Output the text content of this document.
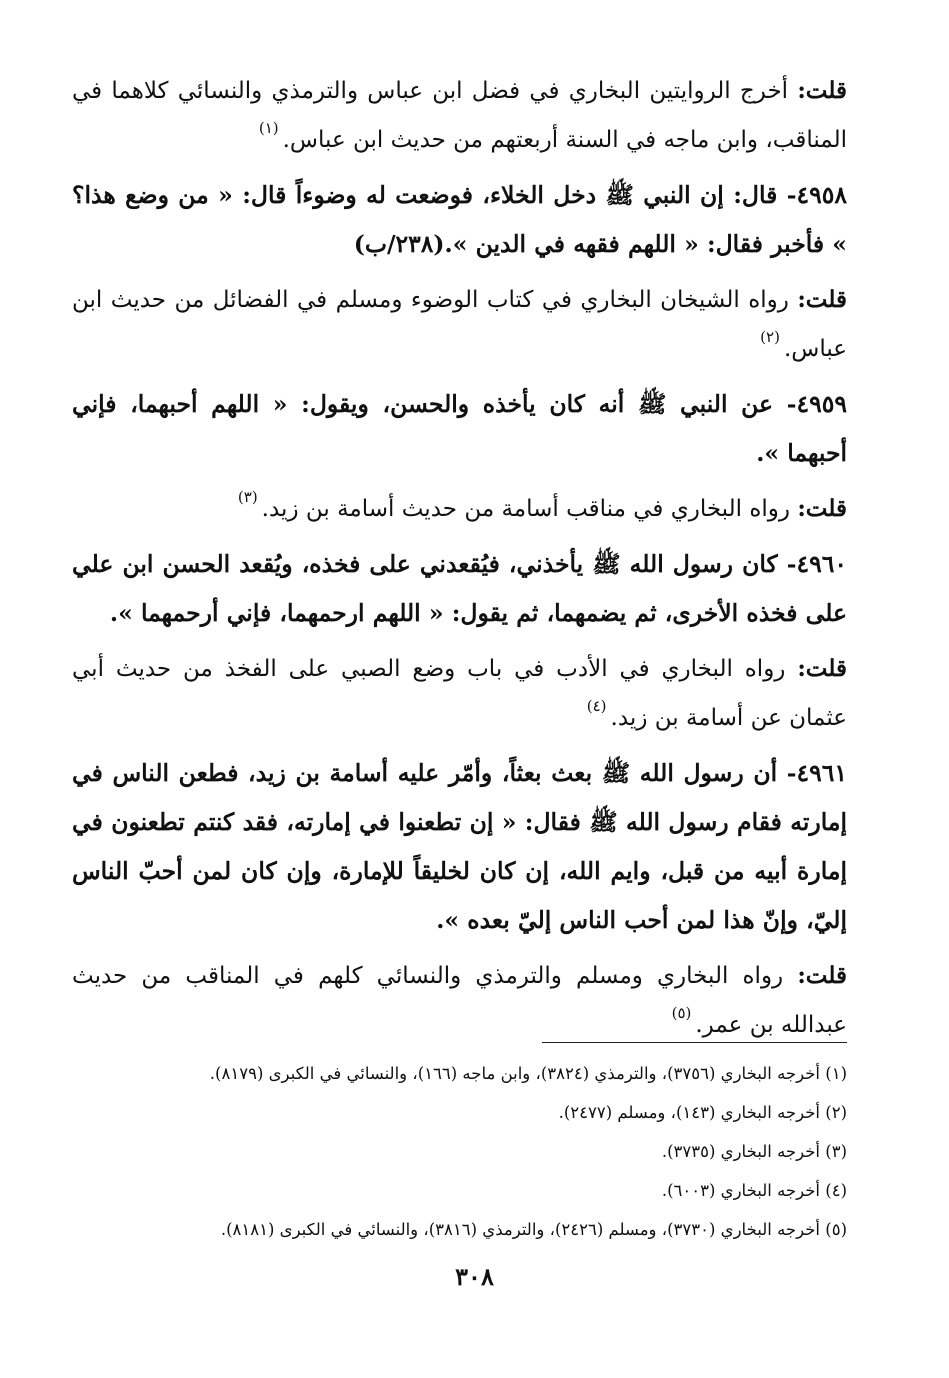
قلت: أخرج الروايتين البخاري في فضل ابن عباس والترمذي والنسائي كلاهما في المناقب، وابن ماجه في السنة أربعتهم من حديث ابن عباس.$^{(١)}$

٤٩٥٨- قال: إن النبي ﷺ دخل الخلاء، فوضعت له وضوءاً قال: « من وضع هذا؟ » فأخبر فقال: « اللهم فقهه في الدين ».(٢٣٨/ب)

قلت: رواه الشيخان البخاري في كتاب الوضوء ومسلم في الفضائل من حديث ابن عباس.$^{(٢)}$

٤٩٥٩- عن النبي ﷺ أنه كان يأخذه والحسن، ويقول: « اللهم أحبهما، فإني أحبهما ».

قلت: رواه البخاري في مناقب أسامة من حديث أسامة بن زيد.$^{(٣)}$

٤٩٦٠- كان رسول الله ﷺ يأخذني، فيُقعدني على فخذه، ويُقعد الحسن ابن علي على فخذه الأخرى، ثم يضمهما، ثم يقول: « اللهم ارحمهما، فإني أرحمهما ».

قلت: رواه البخاري في الأدب في باب وضع الصبي على الفخذ من حديث أبي عثمان عن أسامة بن زيد.$^{(٤)}$

٤٩٦١- أن رسول الله ﷺ بعث بعثاً، وأمّر عليه أسامة بن زيد، فطعن الناس في إمارته فقام رسول الله ﷺ فقال: « إن تطعنوا في إمارته، فقد كنتم تطعنون في إمارة أبيه من قبل، وايم الله، إن كان لخليقاً للإمارة، وإن كان لمن أحبّ الناس إليّ، وإنّ هذا لمن أحب الناس إليّ بعده ».

قلت: رواه البخاري ومسلم والترمذي والنسائي كلهم في المناقب من حديث عبدالله بن عمر.$^{(٥)}$

(١) أخرجه البخاري (٣٧٥٦)، والترمذي (٣٨٢٤)، وابن ماجه (١٦٦)، والنسائي في الكبرى (٨١٧٩).
(٢) أخرجه البخاري (١٤٣)، ومسلم (٢٤٧٧).
(٣) أخرجه البخاري (٣٧٣٥).
(٤) أخرجه البخاري (٦٠٠٣).
(٥) أخرجه البخاري (٣٧٣٠)، ومسلم (٢٤٢٦)، والترمذي (٣٨١٦)، والنسائي في الكبرى (٨١٨١).
٣٠٨
